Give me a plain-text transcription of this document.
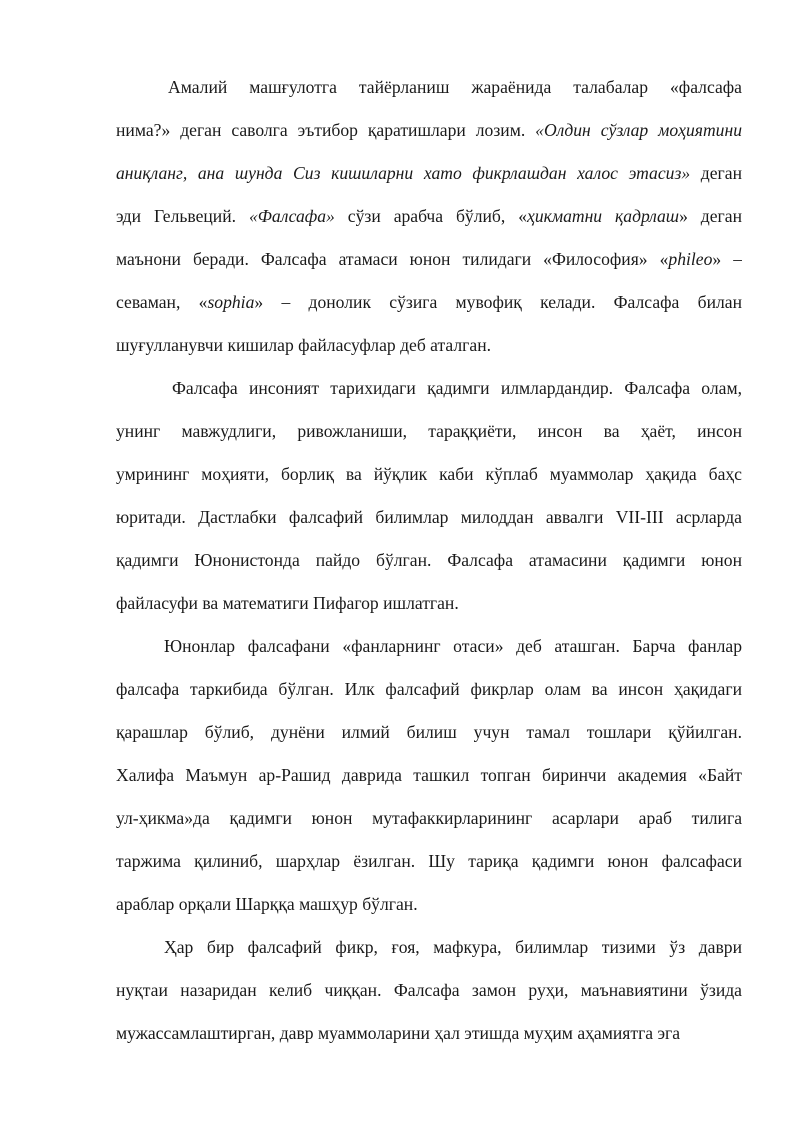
Амалий машғулотга тайёрланиш жараёнида талабалар «фалсафа
нима?» деган саволга эътибор қаратишлари лозим. «Олдин сўзлар моҳиятини
аниқланг, ана шунда Сиз кишиларни хато фикрлашдан халос этасиз» деган
эди Гельвеций. «Фалсафа» сўзи арабча бўлиб, «ҳикматни қадрлаш» деган
маънони беради. Фалсафа атамаси юнон тилидаги «Философия» «phileo» –
севаман, «sophia» – донолик сўзига мувофиқ келади. Фалсафа билан
шуғулланувчи кишилар файласуфлар деб аталган.
Фалсафа инсоният тарихидаги қадимги илмлардандир. Фалсафа олам,
унинг мавжудлиги, ривожланиши, тараққиёти, инсон ва ҳаёт, инсон
умрининг моҳияти, борлиқ ва йўқлик каби кўплаб муаммолар ҳақида баҳс
юритади. Дастлабки фалсафий билимлар милоддан аввалги VII-III асрларда
қадимги Юнонистонда пайдо бўлган. Фалсафа атамасини қадимги юнон
файласуфи ва математиги Пифагор ишлатган.
Юнонлар фалсафани «фанларнинг отаси» деб аташган. Барча фанлар
фалсафа таркибида бўлган. Илк фалсафий фикрлар олам ва инсон ҳақидаги
қарашлар бўлиб, дунёни илмий билиш учун тамал тошлари қўйилган.
Халифа Маъмун ар-Рашид даврида ташкил топган биринчи академия «Байт
ул-ҳикма»да қадимги юнон мутафаккирларининг асарлари араб тилига
таржима қилиниб, шарҳлар ёзилган. Шу тариқа қадимги юнон фалсафаси
араблар орқали Шарққа машҳур бўлган.
Ҳар бир фалсафий фикр, ғоя, мафкура, билимлар тизими ўз даври
нуқтаи назаридан келиб чиққан. Фалсафа замон руҳи, маънавиятини ўзида
мужассамлаштирган, давр муаммоларини ҳал этишда муҳим аҳамиятга эга
